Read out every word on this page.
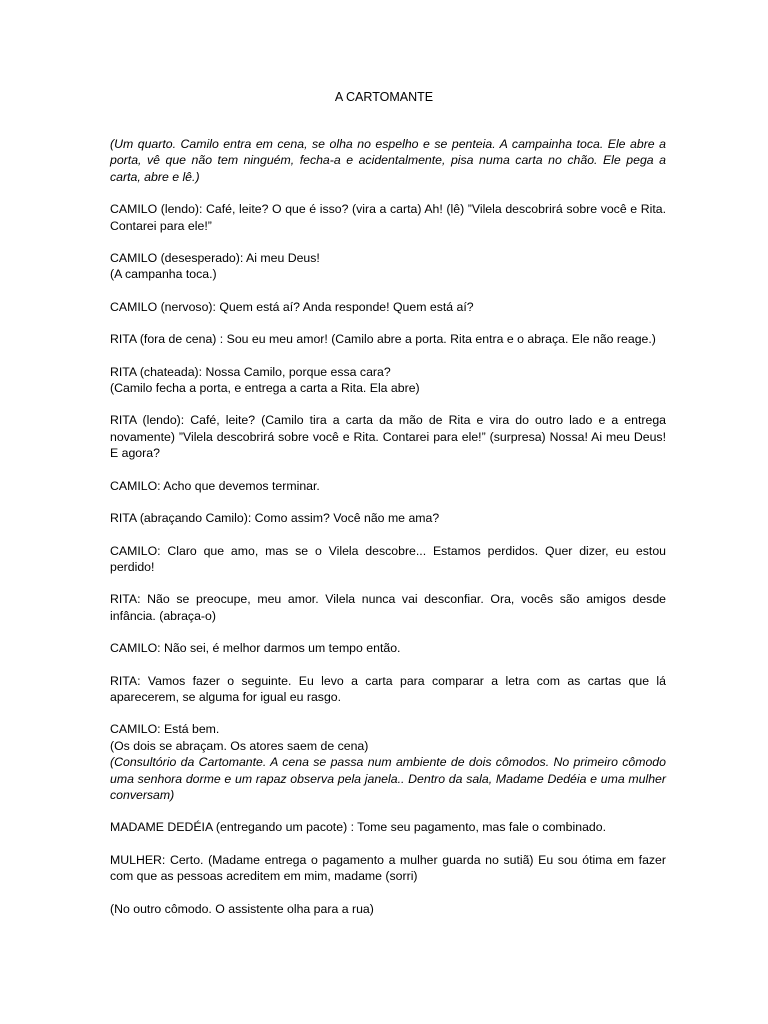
A CARTOMANTE

(Um quarto. Camilo entra em cena, se olha no espelho e se penteia. A campainha toca. Ele abre a porta, vê que não tem ninguém, fecha-a e acidentalmente, pisa numa carta no chão. Ele pega a carta, abre e lê.)

CAMILO (lendo): Café, leite? O que é isso? (vira a carta) Ah! (lê) ”Vilela descobrirá sobre você e Rita. Contarei para ele!”

CAMILO (desesperado): Ai meu Deus!

(A campanha toca.)

CAMILO (nervoso): Quem está aí? Anda responde! Quem está aí?

RITA (fora de cena) : Sou eu meu amor! (Camilo abre a porta. Rita entra e o abraça. Ele não reage.)

RITA (chateada): Nossa Camilo, porque essa cara?

(Camilo fecha a porta, e entrega a carta a Rita. Ela abre)

RITA (lendo): Café, leite? (Camilo tira a carta da mão de Rita e vira do outro lado e a entrega novamente) ”Vilela descobrirá sobre você e Rita. Contarei para ele!” (surpresa) Nossa! Ai meu Deus! E agora?

CAMILO: Acho que devemos terminar.

RITA (abraçando Camilo): Como assim? Você não me ama?

CAMILO: Claro que amo, mas se o Vilela descobre... Estamos perdidos. Quer dizer, eu estou perdido!

RITA: Não se preocupe, meu amor. Vilela nunca vai desconfiar. Ora, vocês são amigos desde infância. (abraça-o)

CAMILO: Não sei, é melhor darmos um tempo então.

RITA: Vamos fazer o seguinte. Eu levo a carta para comparar a letra com as cartas que lá aparecerem, se alguma for igual eu rasgo.

CAMILO: Está bem.

(Os dois se abraçam. Os atores saem de cena)

(Consultório da Cartomante. A cena se passa num ambiente de dois cômodos. No primeiro cômodo uma senhora dorme e um rapaz observa pela janela.. Dentro da sala, Madame Dedéia e uma mulher conversam)

MADAME DEDÉIA (entregando um pacote) : Tome seu pagamento, mas fale o combinado.

MULHER: Certo. (Madame entrega o pagamento a mulher guarda no sutiã) Eu sou ótima em fazer com que as pessoas acreditem em mim, madame (sorri)

(No outro cômodo. O assistente olha para a rua)
